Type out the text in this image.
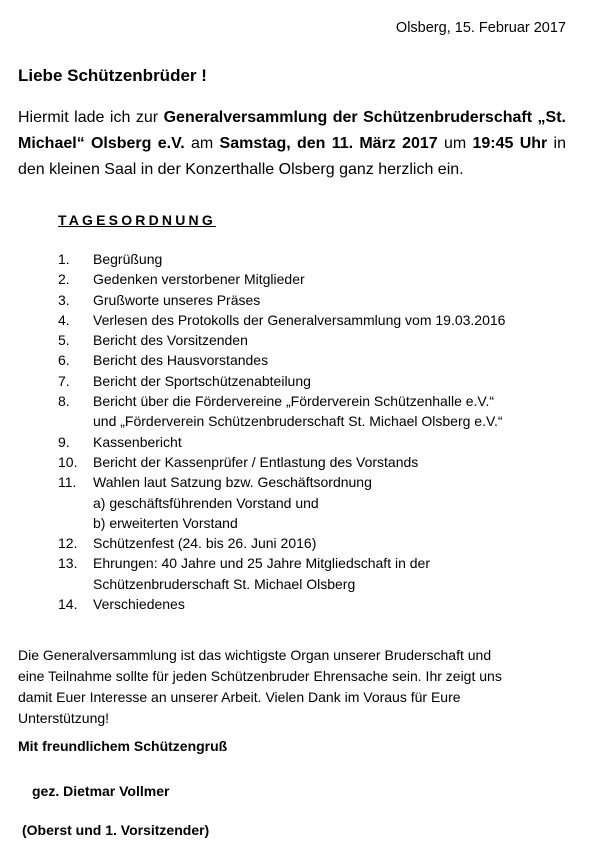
Olsberg, 15. Februar 2017
Liebe Schützenbrüder !
Hiermit lade ich zur Generalversammlung der Schützenbruderschaft „St. Michael“ Olsberg e.V. am Samstag, den 11. März 2017 um 19:45 Uhr in den kleinen Saal in der Konzerthalle Olsberg ganz herzlich ein.
TAGESORDNUNG
1.	Begrüßung
2.	Gedenken verstorbener Mitglieder
3.	Grußworte unseres Präses
4.	Verlesen des Protokolls der Generalversammlung vom 19.03.2016
5.	Bericht des Vorsitzenden
6.	Bericht des Hausvorstandes
7.	Bericht der Sportschützenabteilung
8.	Bericht über die Fördervereine „Förderverein Schützenhalle e.V.“
und „Förderverein Schützenbruderschaft St. Michael Olsberg e.V.“
9.	Kassenbericht
10.	Bericht der Kassenprüfer / Entlastung des Vorstands
11.	Wahlen laut Satzung bzw. Geschäftsordnung
a) geschäftsführenden Vorstand und
b) erweiterten Vorstand
12.	Schützenfest (24. bis 26. Juni 2016)
13.	Ehrungen: 40 Jahre und 25 Jahre Mitgliedschaft in der
Schützenbruderschaft St. Michael Olsberg
14.	Verschiedenes
Die Generalversammlung ist das wichtigste Organ unserer Bruderschaft und
eine Teilnahme sollte für jeden Schützenbruder Ehrensache sein. Ihr zeigt uns
damit Euer Interesse an unserer Arbeit. Vielen Dank im Voraus für Eure
Unterstützung!
Mit freundlichem Schützengruß
gez. Dietmar Vollmer
(Oberst und 1. Vorsitzender)
